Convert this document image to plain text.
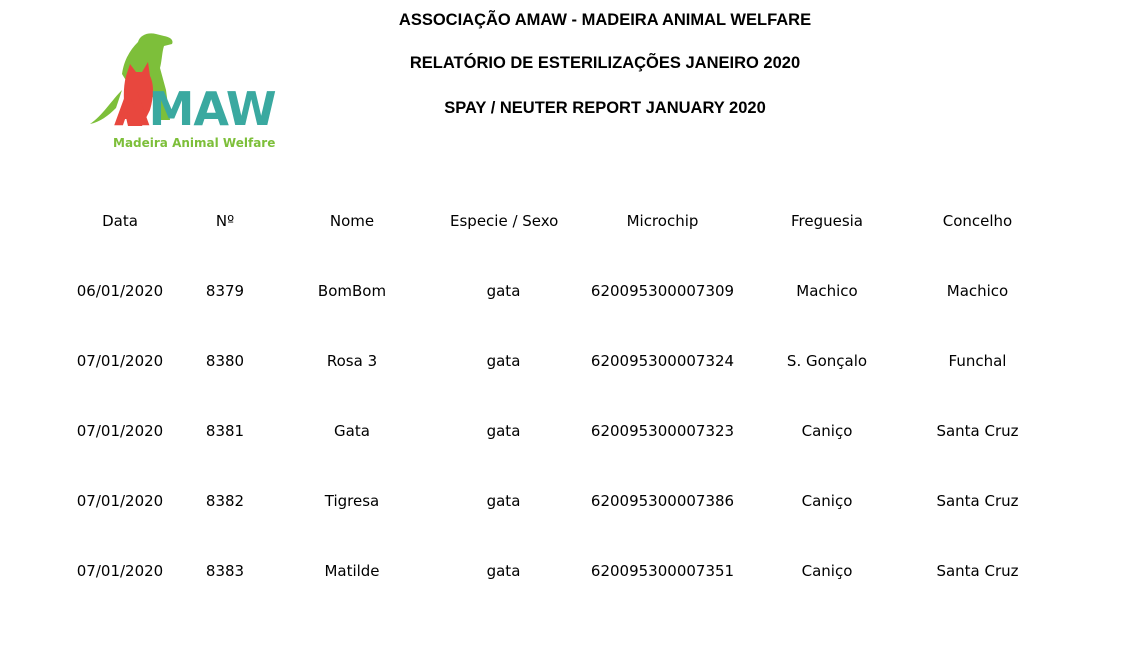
AMAW
Madeira Animal Welfare
ASSOCIAÇÃO AMAW - MADEIRA ANIMAL WELFARE
RELATÓRIO DE ESTERILIZAÇÕES JANEIRO 2020
SPAY / NEUTER REPORT JANUARY 2020
Data	Nº	Nome	Especie / Sexo	Microchip	Freguesia	Concelho
06/01/2020	8379	BomBom	gata	620095300007309	Machico	Machico
07/01/2020	8380	Rosa 3	gata	620095300007324	S. Gonçalo	Funchal
07/01/2020	8381	Gata	gata	620095300007323	Caniço	Santa Cruz
07/01/2020	8382	Tigresa	gata	620095300007386	Caniço	Santa Cruz
07/01/2020	8383	Matilde	gata	620095300007351	Caniço	Santa Cruz
